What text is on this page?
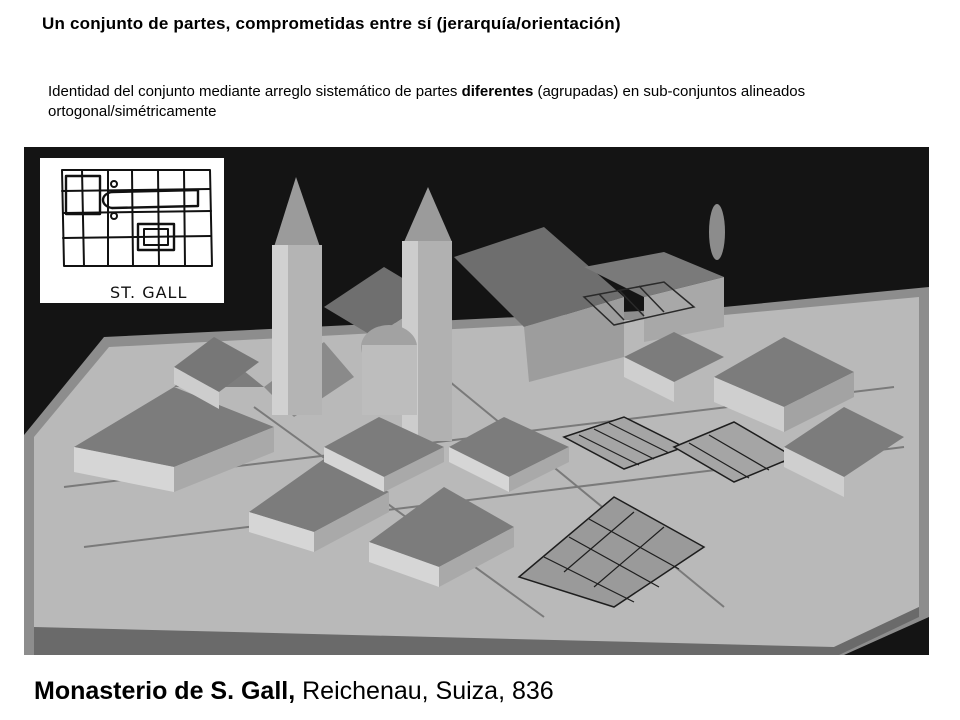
Un conjunto de partes, comprometidas entre sí (jerarquía/orientación)
Identidad del conjunto mediante arreglo sistemático de partes diferentes (agrupadas) en sub-conjuntos alineados ortogonal/simétricamente
ST. GALL
Monasterio de S. Gall, Reichenau, Suiza, 836
